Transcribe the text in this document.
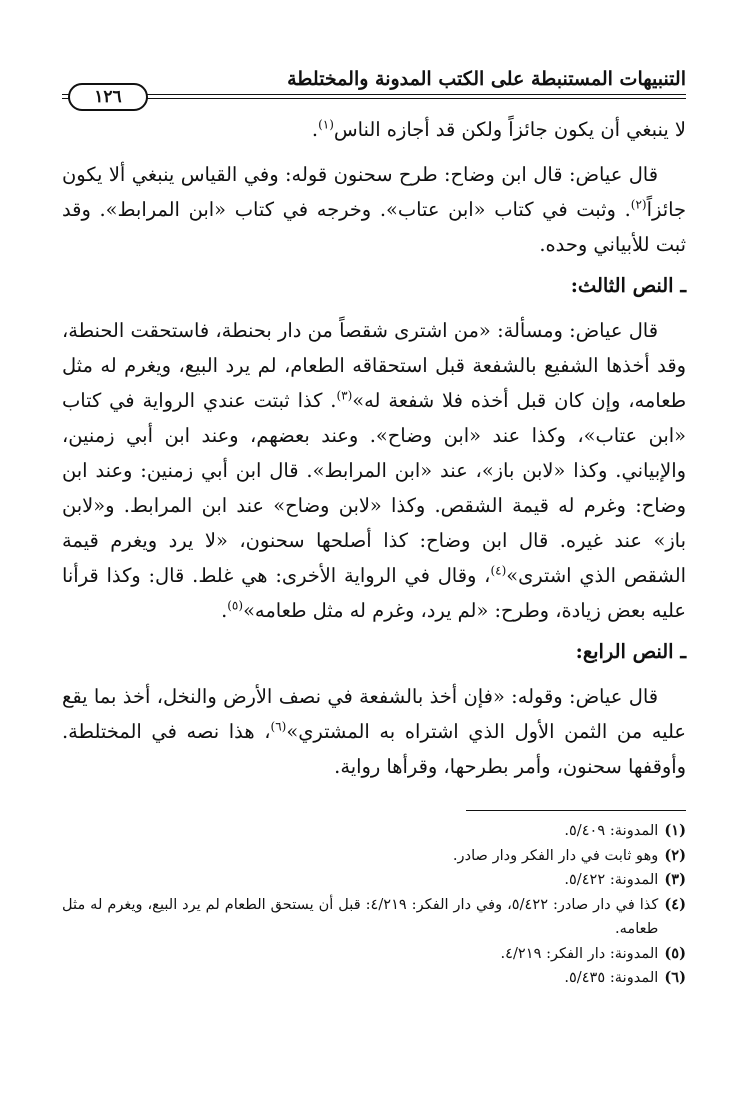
التنبيهات المستنبطة على الكتب المدونة والمختلطة
١٢٦

لا ينبغي أن يكون جائزاً ولكن قد أجازه الناس$^{(١)}$.

قال عياض: قال ابن وضاح: طرح سحنون قوله: وفي القياس ينبغي ألا يكون جائزاً$^{(٢)}$. وثبت في كتاب «ابن عتاب». وخرجه في كتاب «ابن المرابط». وقد ثبت للأبياني وحده.

ـ النص الثالث:

قال عياض: ومسألة: «من اشترى شقصاً من دار بحنطة، فاستحقت الحنطة، وقد أخذها الشفيع بالشفعة قبل استحقاقه الطعام، لم يرد البيع، ويغرم له مثل طعامه، وإن كان قبل أخذه فلا شفعة له»$^{(٣)}$. كذا ثبتت عندي الرواية في كتاب «ابن عتاب»، وكذا عند «ابن وضاح». وعند بعضهم، وعند ابن أبي زمنين، والإبياني. وكذا «لابن باز»، عند «ابن المرابط». قال ابن أبي زمنين: وعند ابن وضاح: وغرم له قيمة الشقص. وكذا «لابن وضاح» عند ابن المرابط. و«لابن باز» عند غيره. قال ابن وضاح: كذا أصلحها سحنون، «لا يرد ويغرم قيمة الشقص الذي اشترى»$^{(٤)}$، وقال في الرواية الأخرى: هي غلط. قال: وكذا قرأنا عليه بعض زيادة، وطرح: «لم يرد، وغرم له مثل طعامه»$^{(٥)}$.

ـ النص الرابع:

قال عياض: وقوله: «فإن أخذ بالشفعة في نصف الأرض والنخل، أخذ بما يقع عليه من الثمن الأول الذي اشتراه به المشتري»$^{(٦)}$، هذا نصه في المختلطة. وأوقفها سحنون، وأمر بطرحها، وقرأها رواية.

(١)
المدونة: ٥/٤٠٩.
(٢)
وهو ثابت في دار الفكر ودار صادر.
(٣)
المدونة: ٥/٤٢٢.
(٤)
كذا في دار صادر: ٥/٤٢٢، وفي دار الفكر: ٤/٢١٩: قبل أن يستحق الطعام لم يرد البيع، ويغرم له مثل طعامه.
(٥)
المدونة: دار الفكر: ٤/٢١٩.
(٦)
المدونة: ٥/٤٣٥.
